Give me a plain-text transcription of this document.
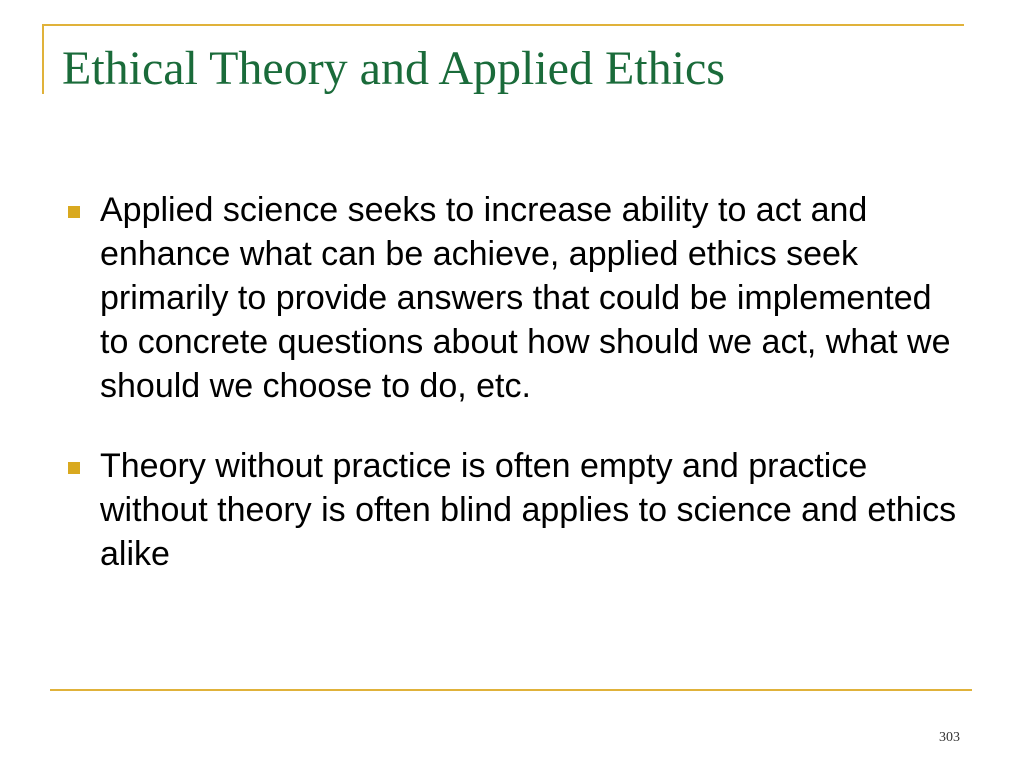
Ethical Theory and Applied Ethics
Applied science seeks to increase ability to act and enhance what can be achieve, applied ethics seek primarily to provide answers that could be implemented to concrete questions about how should we act, what we should we choose to do, etc.
Theory without practice is often empty and practice without theory is often blind applies to science and ethics alike
303
